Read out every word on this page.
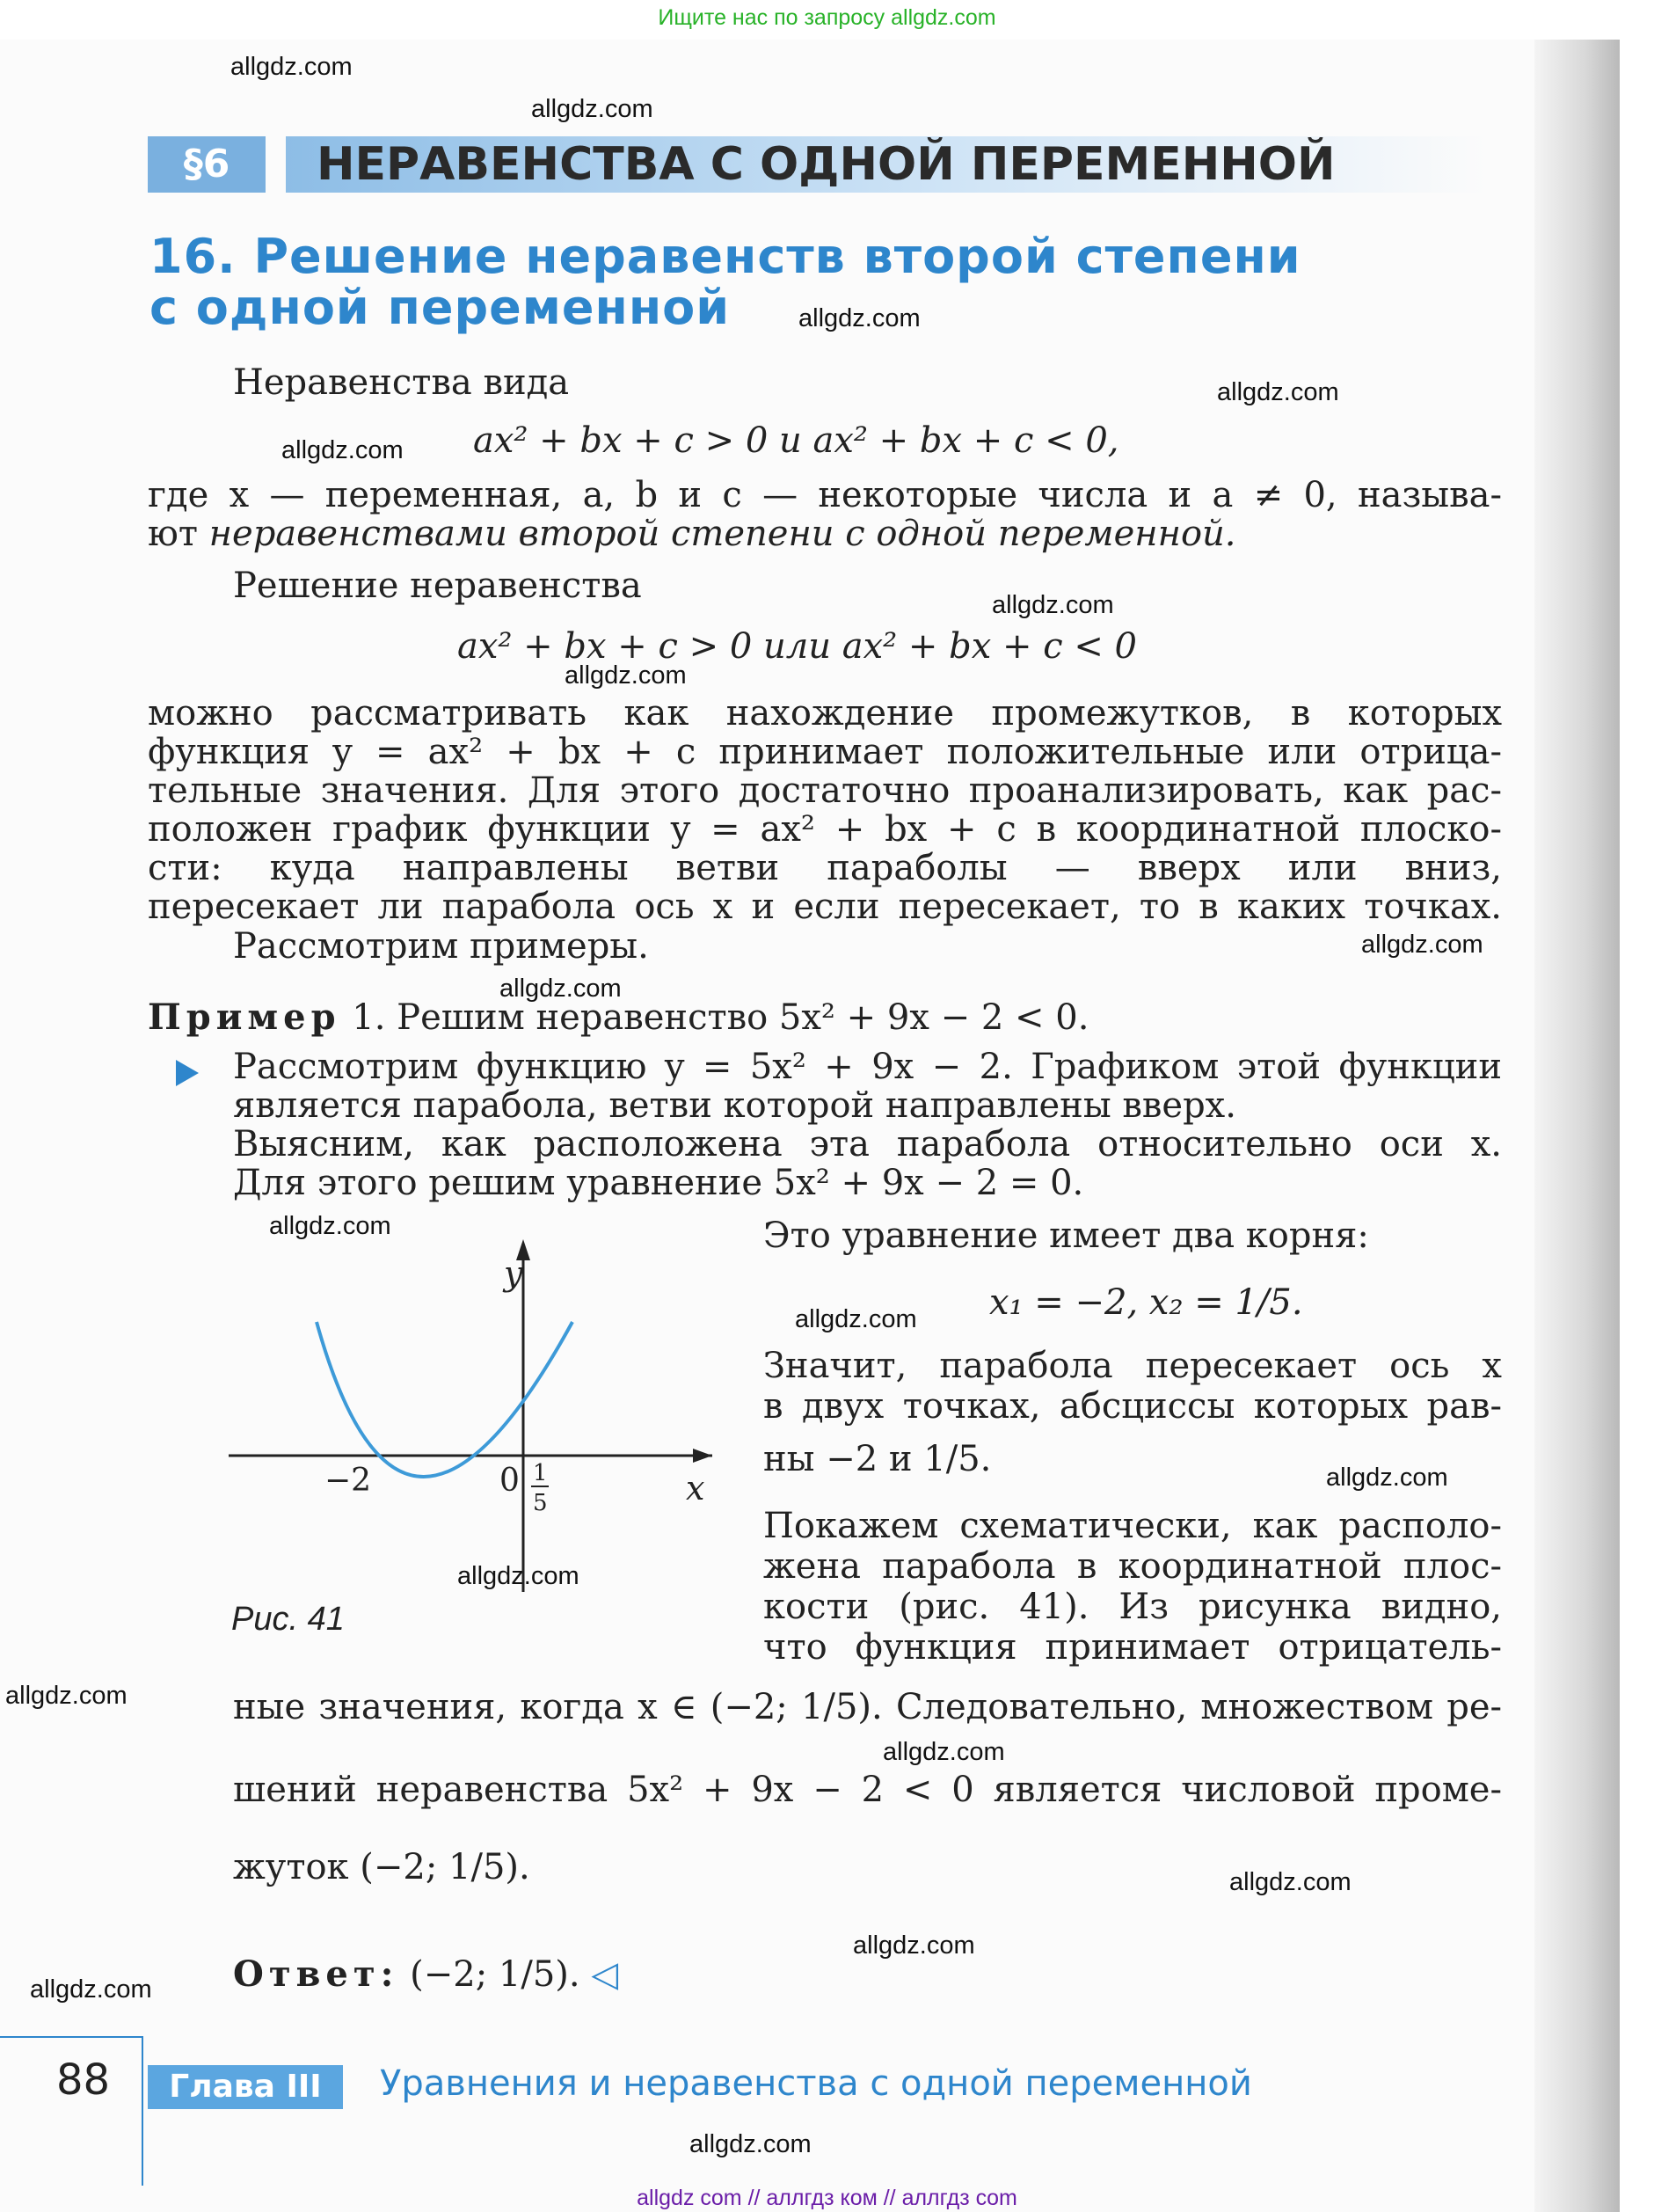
Ищите нас по запросу allgdz.com
allgdz.com
allgdz.com
allgdz.com
allgdz.com
allgdz.com
allgdz.com
allgdz.com
allgdz.com
allgdz.com
allgdz.com
allgdz.com
allgdz.com
allgdz.com
allgdz.com
allgdz.com
allgdz.com
allgdz.com
allgdz.com
allgdz.com
§6	НЕРАВЕНСТВА С ОДНОЙ ПЕРЕМЕННОЙ
16. Решение неравенств второй степени
с одной переменной
Неравенства вида
ax² + bx + c > 0 и ax² + bx + c < 0,
где x — переменная, a, b и c — некоторые числа и a ≠ 0, называ-
ют неравенствами второй степени с одной переменной.
Решение неравенства
ax² + bx + c > 0 или ax² + bx + c < 0
можно рассматривать как нахождение промежутков, в которых
функция y = ax² + bx + c принимает положительные или отрица-
тельные значения. Для этого достаточно проанализировать, как рас-
положен график функции y = ax² + bx + c в координатной плоско-
сти: куда направлены ветви параболы — вверх или вниз,
пересекает ли парабола ось x и если пересекает, то в каких точках.
Рассмотрим примеры.
Пример 1. Решим неравенство 5x² + 9x − 2 < 0.
Рассмотрим функцию y = 5x² + 9x − 2. Графиком этой функции
является парабола, ветви которой направлены вверх.
Выясним, как расположена эта парабола относительно оси x.
Для этого решим уравнение 5x² + 9x − 2 = 0.
y
x
0
−2	1
5
Это уравнение имеет два корня:
x₁ = −2, x₂ = 1/5.
Значит, парабола пересекает ось x
в двух точках, абсциссы которых рав-
ны −2 и 1/5.
Покажем схематически, как располо-
жена парабола в координатной плос-
кости (рис. 41). Из рисунка видно,
что функция принимает отрицатель-
Рис. 41
ные значения, когда x ∈ (−2; 1/5). Следовательно, множеством ре-
шений неравенства 5x² + 9x − 2 < 0 является числовой проме-
жуток (−2; 1/5).
Ответ: (−2; 1/5). ◁
88	Глава III	Уравнения и неравенства с одной переменной
allgdz com // аллгдз ком // аллгдз com
